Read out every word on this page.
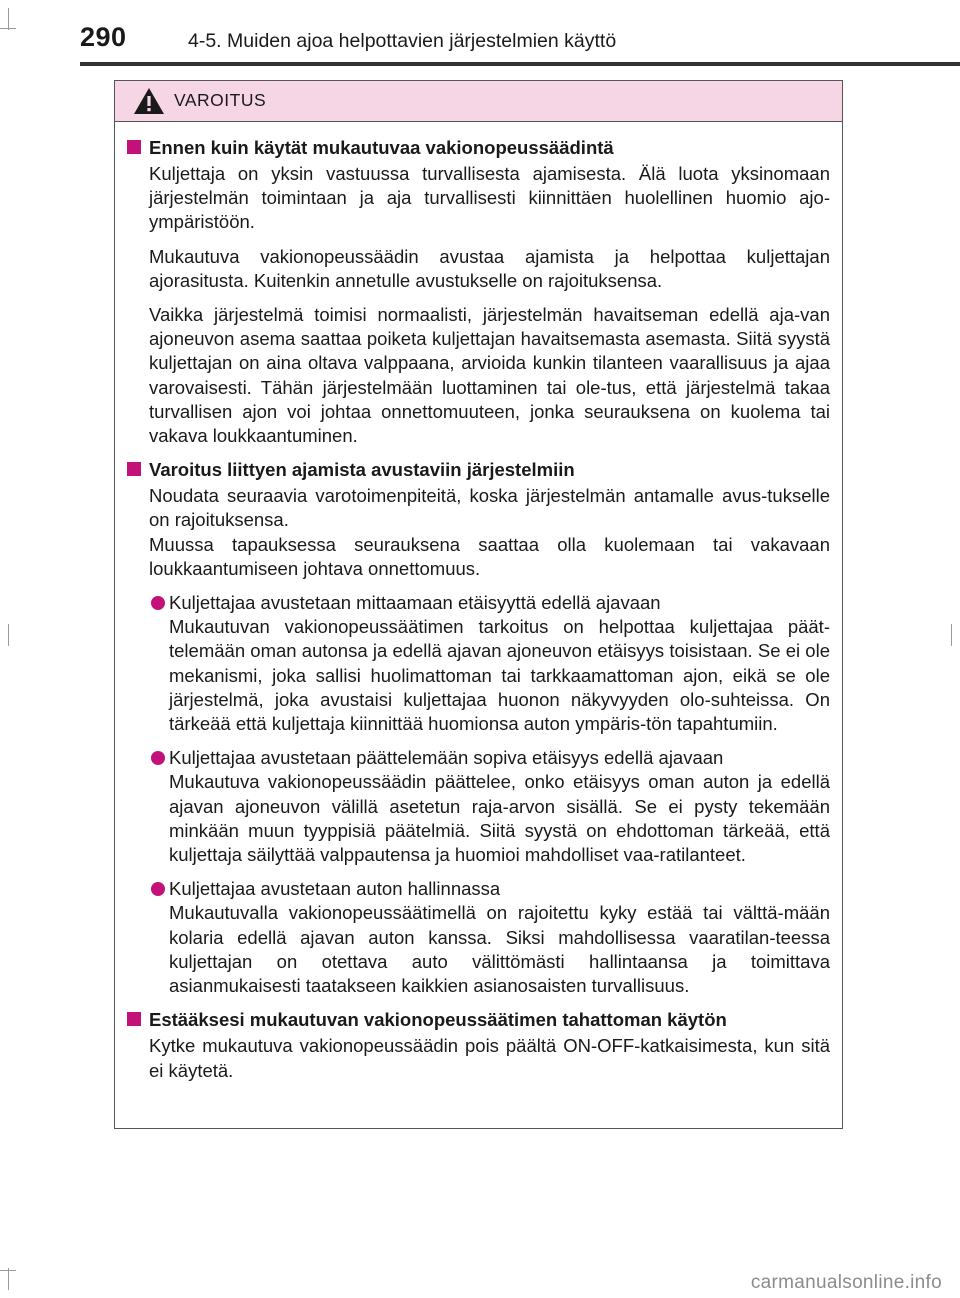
290	4-5. Muiden ajoa helpottavien järjestelmien käyttö
VAROITUS
Ennen kuin käytät mukautuvaa vakionopeussäädintä

Kuljettaja on yksin vastuussa turvallisesta ajamisesta. Älä luota yksinomaan järjestelmän toimintaan ja aja turvallisesti kiinnittäen huolellinen huomio ajo-ympäristöön.

Mukautuva vakionopeussäädin avustaa ajamista ja helpottaa kuljettajan ajorasitusta. Kuitenkin annetulle avustukselle on rajoituksensa.

Vaikka järjestelmä toimisi normaalisti, järjestelmän havaitseman edellä aja-van ajoneuvon asema saattaa poiketa kuljettajan havaitsemasta asemasta. Siitä syystä kuljettajan on aina oltava valppaana, arvioida kunkin tilanteen vaarallisuus ja ajaa varovaisesti. Tähän järjestelmään luottaminen tai ole-tus, että järjestelmä takaa turvallisen ajon voi johtaa onnettomuuteen, jonka seurauksena on kuolema tai vakava loukkaantuminen.

Varoitus liittyen ajamista avustaviin järjestelmiin

Noudata seuraavia varotoimenpiteitä, koska järjestelmän antamalle avus-tukselle on rajoituksensa.

Muussa tapauksessa seurauksena saattaa olla kuolemaan tai vakavaan loukkaantumiseen johtava onnettomuus.

Kuljettajaa avustetaan mittaamaan etäisyyttä edellä ajavaan
Mukautuvan vakionopeussäätimen tarkoitus on helpottaa kuljettajaa päät-telemään oman autonsa ja edellä ajavan ajoneuvon etäisyys toisistaan. Se ei ole mekanismi, joka sallisi huolimattoman tai tarkkaamattoman ajon, eikä se ole järjestelmä, joka avustaisi kuljettajaa huonon näkyvyyden olo-suhteissa. On tärkeää että kuljettaja kiinnittää huomionsa auton ympäris-tön tapahtumiin.
Kuljettajaa avustetaan päättelemään sopiva etäisyys edellä ajavaan
Mukautuva vakionopeussäädin päättelee, onko etäisyys oman auton ja edellä ajavan ajoneuvon välillä asetetun raja-arvon sisällä. Se ei pysty tekemään minkään muun tyyppisiä päätelmiä. Siitä syystä on ehdottoman tärkeää, että kuljettaja säilyttää valppautensa ja huomioi mahdolliset vaa-ratilanteet.
Kuljettajaa avustetaan auton hallinnassa
Mukautuvalla vakionopeussäätimellä on rajoitettu kyky estää tai välttä-mään kolaria edellä ajavan auton kanssa. Siksi mahdollisessa vaaratilan-teessa kuljettajan on otettava auto välittömästi hallintaansa ja toimittava asianmukaisesti taatakseen kaikkien asianosaisten turvallisuus.
Estääksesi mukautuvan vakionopeussäätimen tahattoman käytön

Kytke mukautuva vakionopeussäädin pois päältä ON-OFF-katkaisimesta, kun sitä ei käytetä.

carmanualsonline.info
